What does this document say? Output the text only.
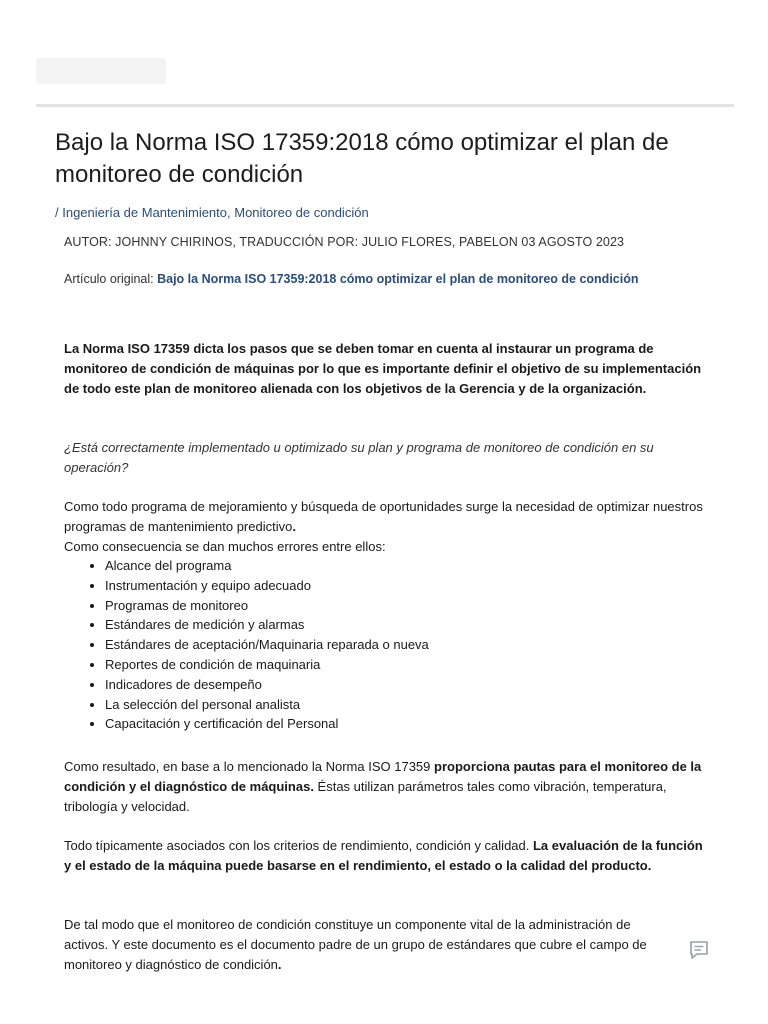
Bajo la Norma ISO 17359:2018 cómo optimizar el plan de monitoreo de condición
/ Ingeniería de Mantenimiento, Monitoreo de condición
AUTOR: JOHNNY CHIRINOS, TRADUCCIÓN POR: JULIO FLORES, PABELON 03 AGOSTO 2023
Artículo original: Bajo la Norma ISO 17359:2018 cómo optimizar el plan de monitoreo de condición

La Norma ISO 17359 dicta los pasos que se deben tomar en cuenta al instaurar un programa de monitoreo de condición de máquinas por lo que es importante definir el objetivo de su implementación de todo este plan de monitoreo alienada con los objetivos de la Gerencia y de la organización.

¿Está correctamente implementado u optimizado su plan y programa de monitoreo de condición en su operación?

Como todo programa de mejoramiento y búsqueda de oportunidades surge la necesidad de optimizar nuestros programas de mantenimiento predictivo.
Como consecuencia se dan muchos errores entre ellos:

• Alcance del programa
• Instrumentación y equipo adecuado
• Programas de monitoreo
• Estándares de medición y alarmas
• Estándares de aceptación/Maquinaria reparada o nueva
• Reportes de condición de maquinaria
• Indicadores de desempeño
• La selección del personal analista
• Capacitación y certificación del Personal

Como resultado, en base a lo mencionado la Norma ISO 17359 proporciona pautas para el monitoreo de la condición y el diagnóstico de máquinas. Éstas utilizan parámetros tales como vibración, temperatura, tribología y velocidad.

Todo típicamente asociados con los criterios de rendimiento, condición y calidad. La evaluación de la función y el estado de la máquina puede basarse en el rendimiento, el estado o la calidad del producto.

De tal modo que el monitoreo de condición constituye un componente vital de la administración de activos. Y este documento es el documento padre de un grupo de estándares que cubre el campo de monitoreo y diagnóstico de condición.
